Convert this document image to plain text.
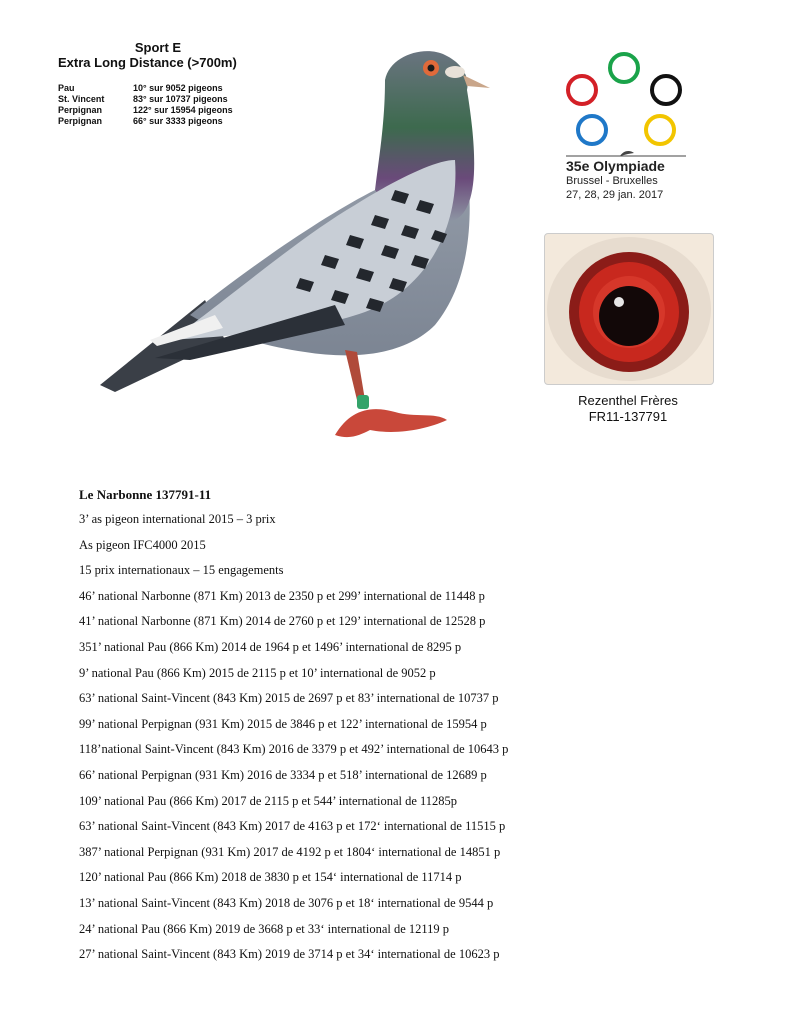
Sport E
Extra Long Distance (>700m)
Pau	10° sur 9052 pigeons
St. Vincent	83° sur 10737 pigeons
Perpignan	122° sur 15954 pigeons
Perpignan	66° sur 3333 pigeons
35e Olympiade
Brussel - Bruxelles
27, 28, 29 jan. 2017
Rezenthel Frères
FR11-137791
Le Narbonne 137791-11
3’ as pigeon international 2015 – 3 prix
As pigeon IFC4000 2015
15 prix internationaux – 15 engagements
46’ national Narbonne (871 Km) 2013 de 2350 p et 299’ international de 11448 p
41’ national Narbonne (871 Km) 2014 de 2760 p et 129’ international de 12528 p
351’ national Pau (866 Km) 2014 de 1964 p et 1496’ international de 8295 p
9’ national Pau (866 Km) 2015 de 2115 p et 10’ international de 9052 p
63’ national Saint-Vincent (843 Km) 2015 de 2697 p et 83’ international de 10737 p
99’ national Perpignan (931 Km) 2015 de 3846 p et 122’ international de 15954 p
118’national Saint-Vincent (843 Km) 2016 de 3379 p et 492’ international de 10643 p
66’ national Perpignan (931 Km) 2016 de 3334 p et 518’ international de 12689 p
109’ national Pau (866 Km) 2017 de 2115 p et 544’ international de 11285p
63’ national Saint-Vincent (843 Km) 2017 de 4163 p et 172‘ international de 11515 p
387’ national Perpignan (931 Km) 2017 de 4192 p et 1804‘ international de 14851 p
120’ national Pau (866 Km) 2018 de 3830 p et 154‘ international de 11714 p
13’ national Saint-Vincent (843 Km) 2018 de 3076 p et 18‘ international de 9544 p
24’ national Pau (866 Km) 2019 de 3668 p et 33‘ international de 12119 p
27’ national Saint-Vincent (843 Km) 2019 de 3714 p et 34‘ international de 10623 p
